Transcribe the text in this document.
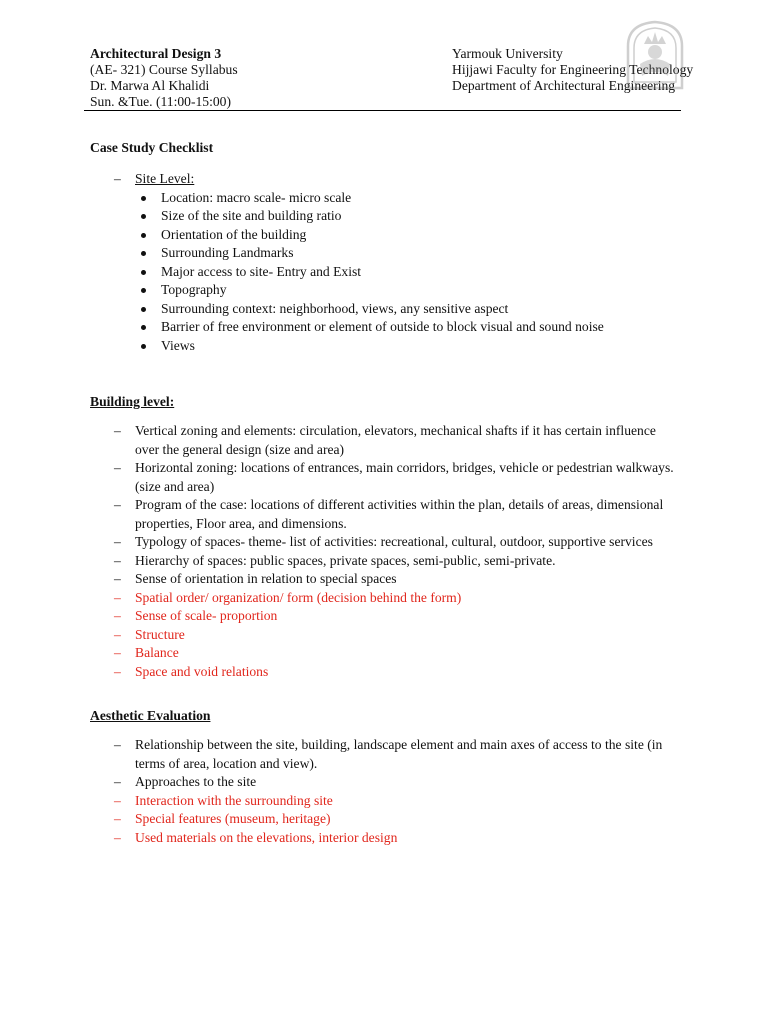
Architectural Design 3
(AE- 321) Course Syllabus
Dr. Marwa Al Khalidi
Sun. &Tue. (11:00-15:00)
Yarmouk University
Hijjawi Faculty for Engineering Technology
Department of Architectural Engineering
Case Study Checklist
– Site Level:
Location: macro scale- micro scale
Size of the site and building ratio
Orientation of the building
Surrounding Landmarks
Major access to site- Entry and Exist
Topography
Surrounding context: neighborhood, views, any sensitive aspect
Barrier of free environment or element of outside to block visual and sound noise
Views
Building level:
– Vertical zoning and elements: circulation, elevators, mechanical shafts if it has certain influence over the general design (size and area)
– Horizontal zoning: locations of entrances, main corridors, bridges, vehicle or pedestrian walkways. (size and area)
– Program of the case: locations of different activities within the plan, details of areas, dimensional properties, Floor area, and dimensions.
– Typology of spaces- theme- list of activities: recreational, cultural, outdoor, supportive services
– Hierarchy of spaces: public spaces, private spaces, semi-public, semi-private.
– Sense of orientation in relation to special spaces
– Spatial order/ organization/ form (decision behind the form)
– Sense of scale- proportion
– Structure
– Balance
– Space and void relations
Aesthetic Evaluation
– Relationship between the site, building, landscape element and main axes of access to the site (in terms of area, location and view).
– Approaches to the site
– Interaction with the surrounding site
– Special features (museum, heritage)
– Used materials on the elevations, interior design
